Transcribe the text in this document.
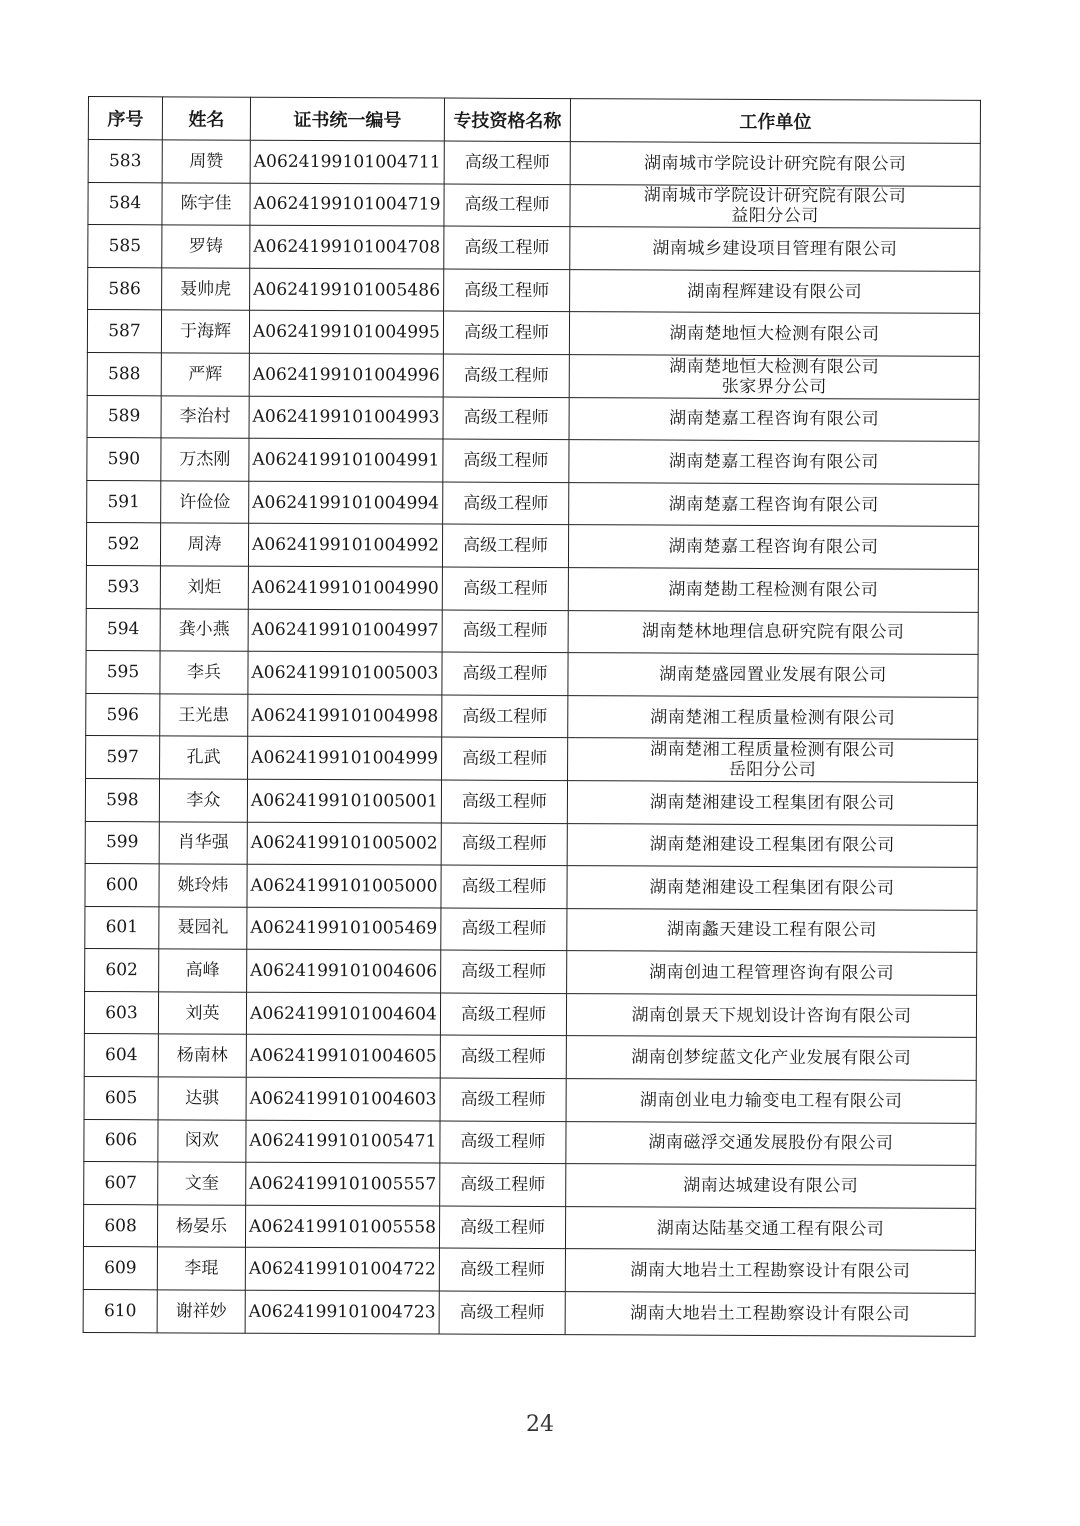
序号	姓名	证书统一编号	专技资格名称	工作单位
583	周赞	A0624199101004711	高级工程师	湖南城市学院设计研究院有限公司

584	陈宇佳	A0624199101004719	高级工程师	湖南城市学院设计研究院有限公司
益阳分公司

585	罗铸	A0624199101004708	高级工程师	湖南城乡建设项目管理有限公司

586	聂帅虎	A0624199101005486	高级工程师	湖南程辉建设有限公司

587	于海辉	A0624199101004995	高级工程师	湖南楚地恒大检测有限公司

588	严辉	A0624199101004996	高级工程师	湖南楚地恒大检测有限公司
张家界分公司

589	李治村	A0624199101004993	高级工程师	湖南楚嘉工程咨询有限公司

590	万杰刚	A0624199101004991	高级工程师	湖南楚嘉工程咨询有限公司

591	许俭俭	A0624199101004994	高级工程师	湖南楚嘉工程咨询有限公司

592	周涛	A0624199101004992	高级工程师	湖南楚嘉工程咨询有限公司

593	刘炬	A0624199101004990	高级工程师	湖南楚勘工程检测有限公司

594	龚小燕	A0624199101004997	高级工程师	湖南楚林地理信息研究院有限公司

595	李兵	A0624199101005003	高级工程师	湖南楚盛园置业发展有限公司

596	王光患	A0624199101004998	高级工程师	湖南楚湘工程质量检测有限公司

597	孔武	A0624199101004999	高级工程师	湖南楚湘工程质量检测有限公司
岳阳分公司

598	李众	A0624199101005001	高级工程师	湖南楚湘建设工程集团有限公司

599	肖华强	A0624199101005002	高级工程师	湖南楚湘建设工程集团有限公司

600	姚玲炜	A0624199101005000	高级工程师	湖南楚湘建设工程集团有限公司

601	聂园礼	A0624199101005469	高级工程师	湖南蠡天建设工程有限公司

602	高峰	A0624199101004606	高级工程师	湖南创迪工程管理咨询有限公司

603	刘英	A0624199101004604	高级工程师	湖南创景天下规划设计咨询有限公司

604	杨南林	A0624199101004605	高级工程师	湖南创梦绽蓝文化产业发展有限公司

605	达骐	A0624199101004603	高级工程师	湖南创业电力输变电工程有限公司

606	闵欢	A0624199101005471	高级工程师	湖南磁浮交通发展股份有限公司

607	文奎	A0624199101005557	高级工程师	湖南达城建设有限公司

608	杨晏乐	A0624199101005558	高级工程师	湖南达陆基交通工程有限公司

609	李琨	A0624199101004722	高级工程师	湖南大地岩土工程勘察设计有限公司

610	谢祥妙	A0624199101004723	高级工程师	湖南大地岩土工程勘察设计有限公司
24
